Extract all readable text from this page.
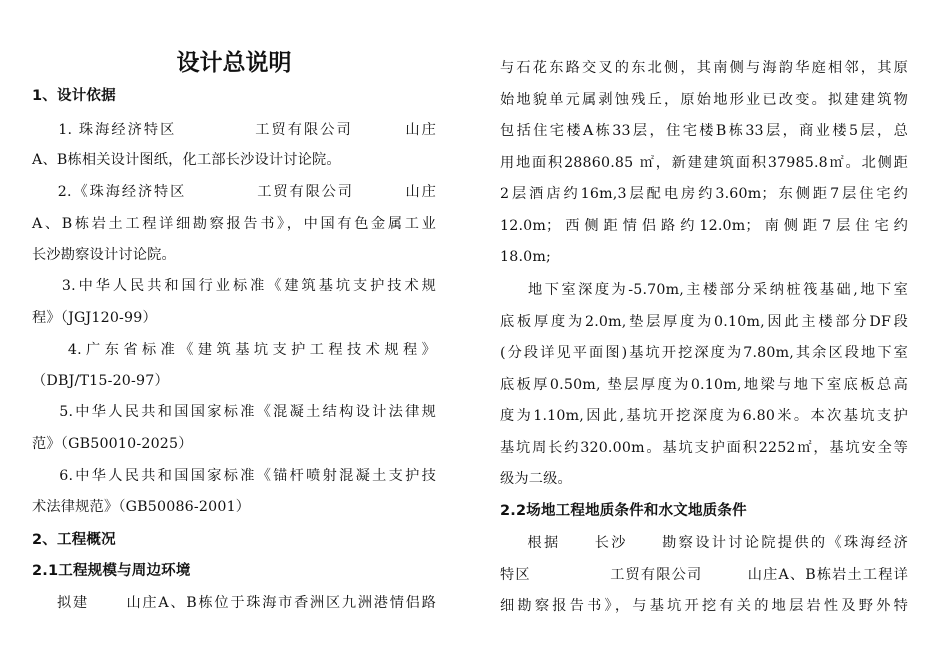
设计总说明
1、设计依据
1. 珠海经济特区            工贸有限公司        山庄
A、B栋相关设计图纸，化工部长沙设计讨论院。
2.《珠海经济特区           工贸有限公司        山庄
A、B栋岩土工程详细勘察报告书》，中国有色金属工业
长沙勘察设计讨论院。
3.中华人民共和国行业标准《建筑基坑支护技术规
程》（JGJ120-99）
4.广东省标准《建筑基坑支护工程技术规程》
（DBJ/T15-20-97）
5.中华人民共和国国家标准《混凝土结构设计法律规
范》（GB50010-2025）
6.中华人民共和国国家标准《锚杆喷射混凝土支护技
术法律规范》（GB50086-2001）
2、工程概况
2.1工程规模与周边环境
拟建      山庄A、B栋位于珠海市香洲区九洲港情侣路
与石花东路交叉的东北侧，其南侧与海韵华庭相邻，其原
始地貌单元属剥蚀残丘，原始地形业已改变。拟建建筑物
包括住宅楼A栋33层，住宅楼B栋33层，商业楼5层，总
用地面积28860.85 ㎡，新建建筑面积37985.8㎡。北侧距
2层酒店约16m,3层配电房约3.60m；东侧距7层住宅约
12.0m；西侧距情侣路约12.0m；南侧距7层住宅约
18.0m;
地下室深度为-5.70m,主楼部分采纳桩筏基础,地下室
底板厚度为2.0m,垫层厚度为0.10m,因此主楼部分DF段
(分段详见平面图)基坑开挖深度为7.80m,其余区段地下室
底板厚0.50m, 垫层厚度为0.10m,地梁与地下室底板总高
度为1.10m,因此,基坑开挖深度为6.80米。本次基坑支护
基坑周长约320.00m。基坑支护面积2252㎡，基坑安全等
级为二级。
2.2场地工程地质条件和水文地质条件
根据     长沙     勘察设计讨论院提供的《珠海经济
特区              工贸有限公司        山庄A、B栋岩土工程详
细勘察报告书》，与基坑开挖有关的地层岩性及野外特
